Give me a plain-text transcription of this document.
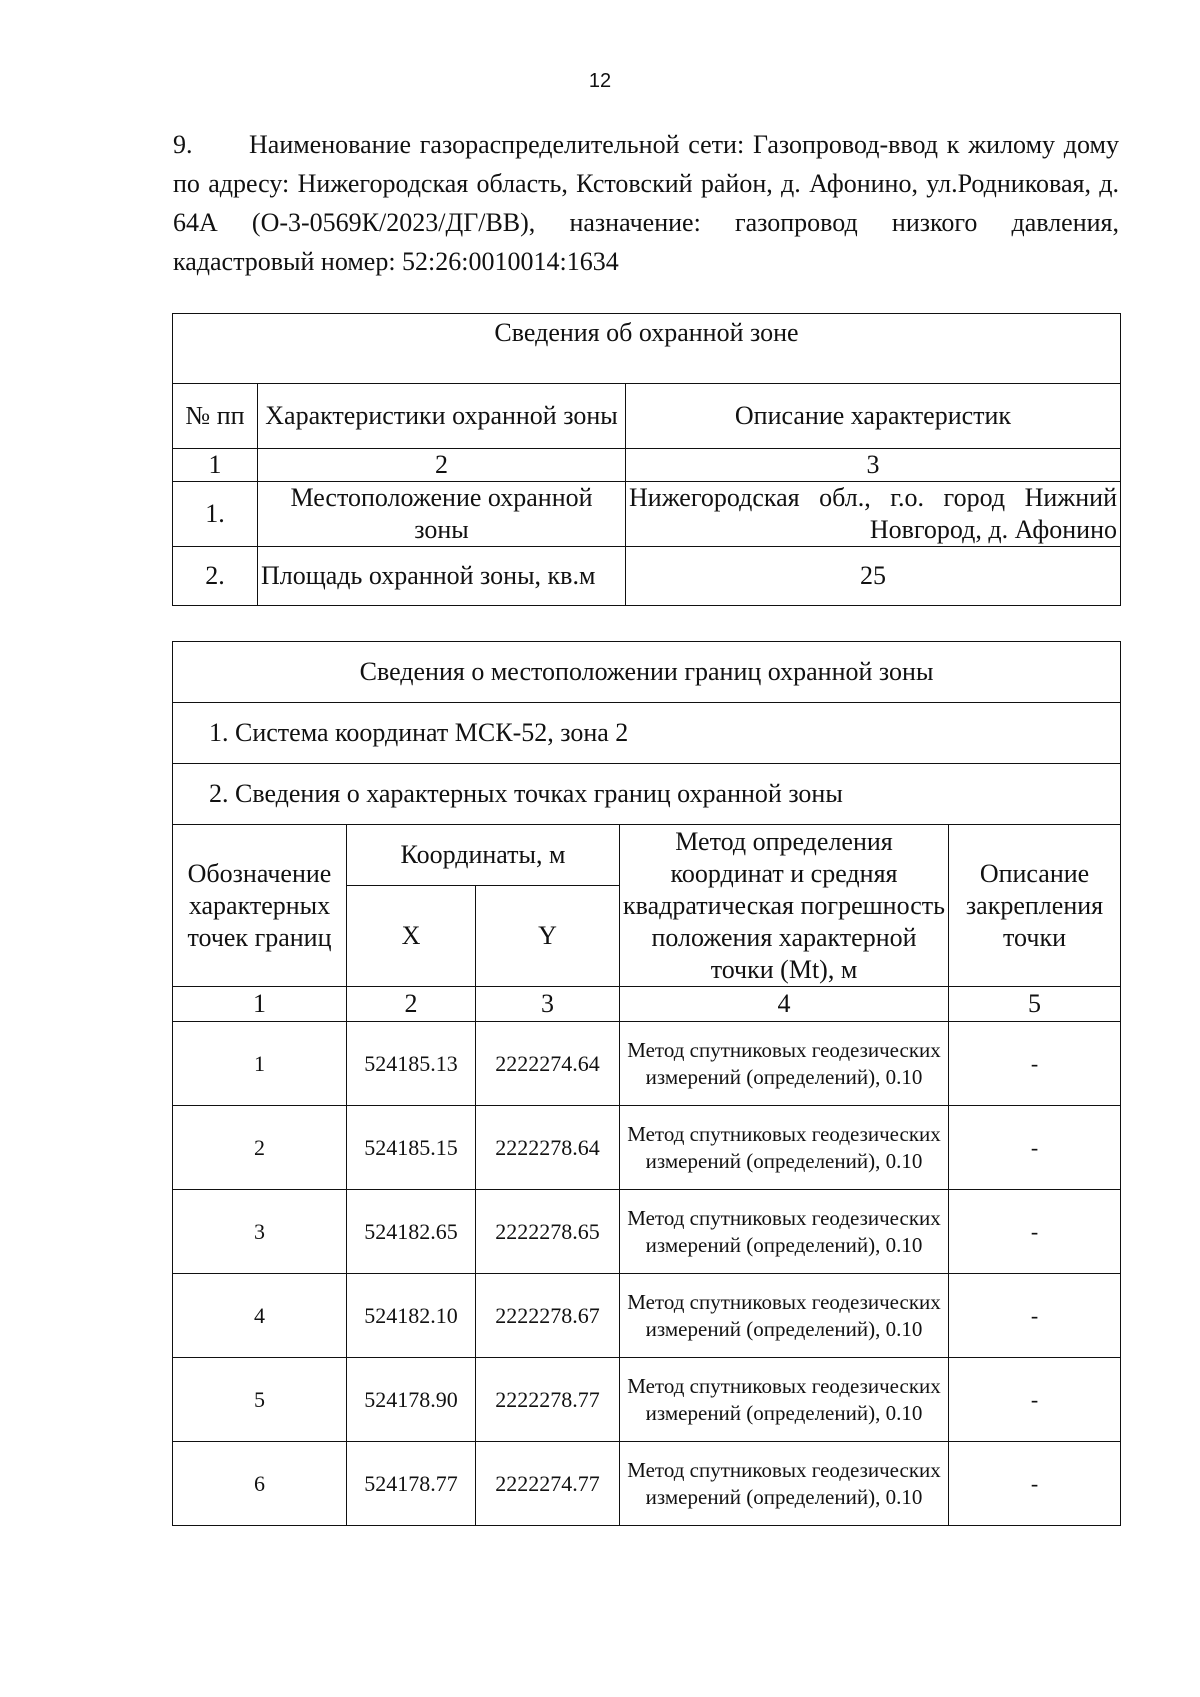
12
9. Наименование газораспределительной сети: Газопровод-ввод к жилому дому по адресу: Нижегородская область, Кстовский район, д. Афонино, ул.Родниковая, д. 64А (О-3-0569К/2023/ДГ/ВВ), назначение: газопровод низкого давления, кадастровый номер: 52:26:0010014:1634
Сведения об охранной зоне		
№ пп	Характеристики охранной зоны	Описание характеристик
1	2	3
1.	Местоположение охранной зоны	Нижегородская обл., г.о. город Нижний Новгород, д. Афонино
2.	Площадь охранной зоны, кв.м	25
Сведения о местоположении границ охранной зоны				
1. Система координат МСК-52, зона 2				
2. Сведения о характерных точках границ охранной зоны				
Обозначение характерных точек границ	Координаты, м		Метод определения координат и средняя квадратическая погрешность положения характерной точки (Mt), м	Описание закрепления точки
	X	Y		
1	2	3	4	5
1	524185.13	2222274.64	Метод спутниковых геодезических измерений (определений), 0.10	-
2	524185.15	2222278.64	Метод спутниковых геодезических измерений (определений), 0.10	-
3	524182.65	2222278.65	Метод спутниковых геодезических измерений (определений), 0.10	-
4	524182.10	2222278.67	Метод спутниковых геодезических измерений (определений), 0.10	-
5	524178.90	2222278.77	Метод спутниковых геодезических измерений (определений), 0.10	-
6	524178.77	2222274.77	Метод спутниковых геодезических измерений (определений), 0.10	-
